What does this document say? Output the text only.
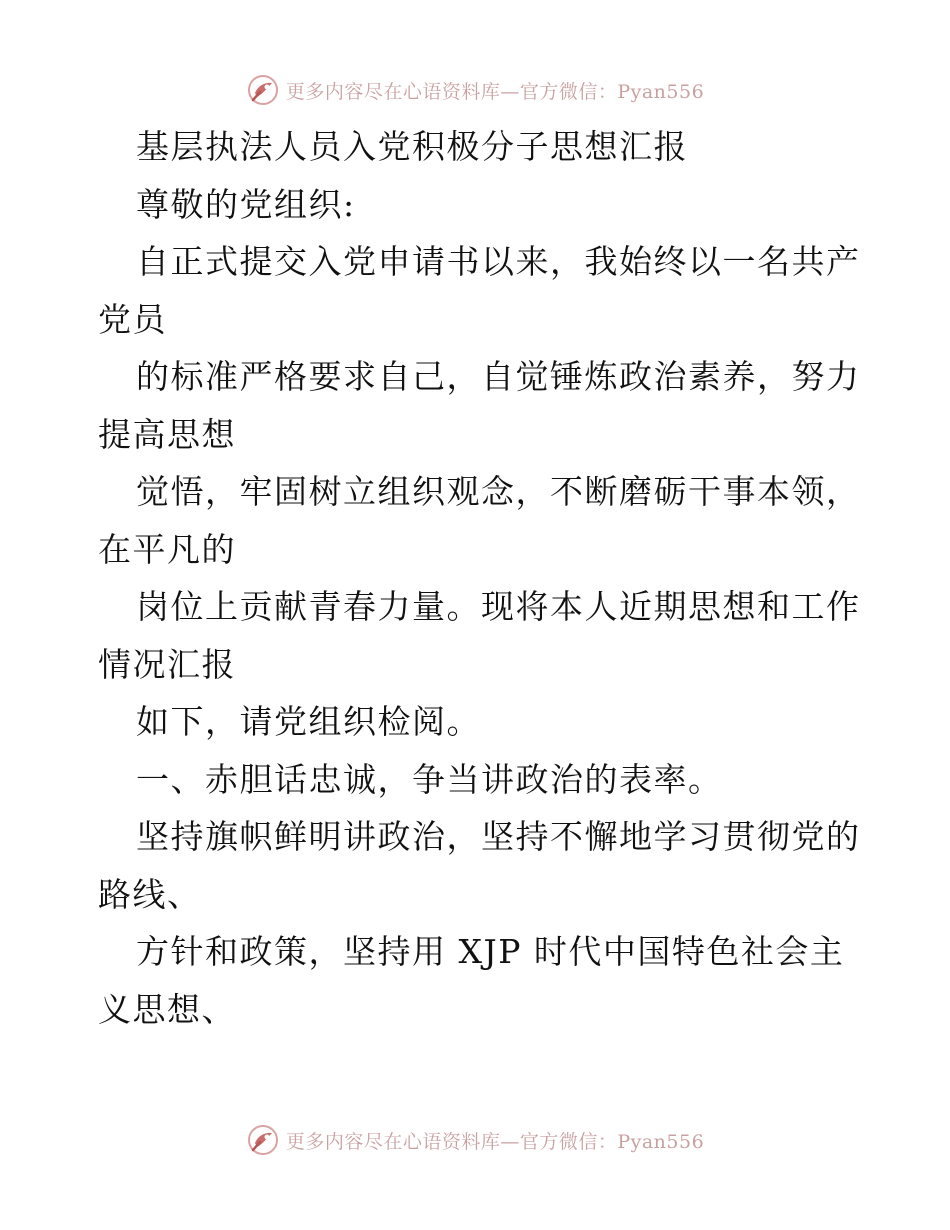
更多内容尽在心语资料库—官方微信：Pyan556
基层执法人员入党积极分子思想汇报
尊敬的党组织:
自正式提交入党申请书以来，我始终以一名共产
党员
的标准严格要求自己，自觉锤炼政治素养，努力
提高思想
觉悟，牢固树立组织观念，不断磨砺干事本领，
在平凡的
岗位上贡献青春力量。现将本人近期思想和工作
情况汇报
如下，请党组织检阅。
一、赤胆话忠诚，争当讲政治的表率。
坚持旗帜鲜明讲政治，坚持不懈地学习贯彻党的
路线、
方针和政策，坚持用 XJP 时代中国特色社会主
义思想、
更多内容尽在心语资料库—官方微信：Pyan556
